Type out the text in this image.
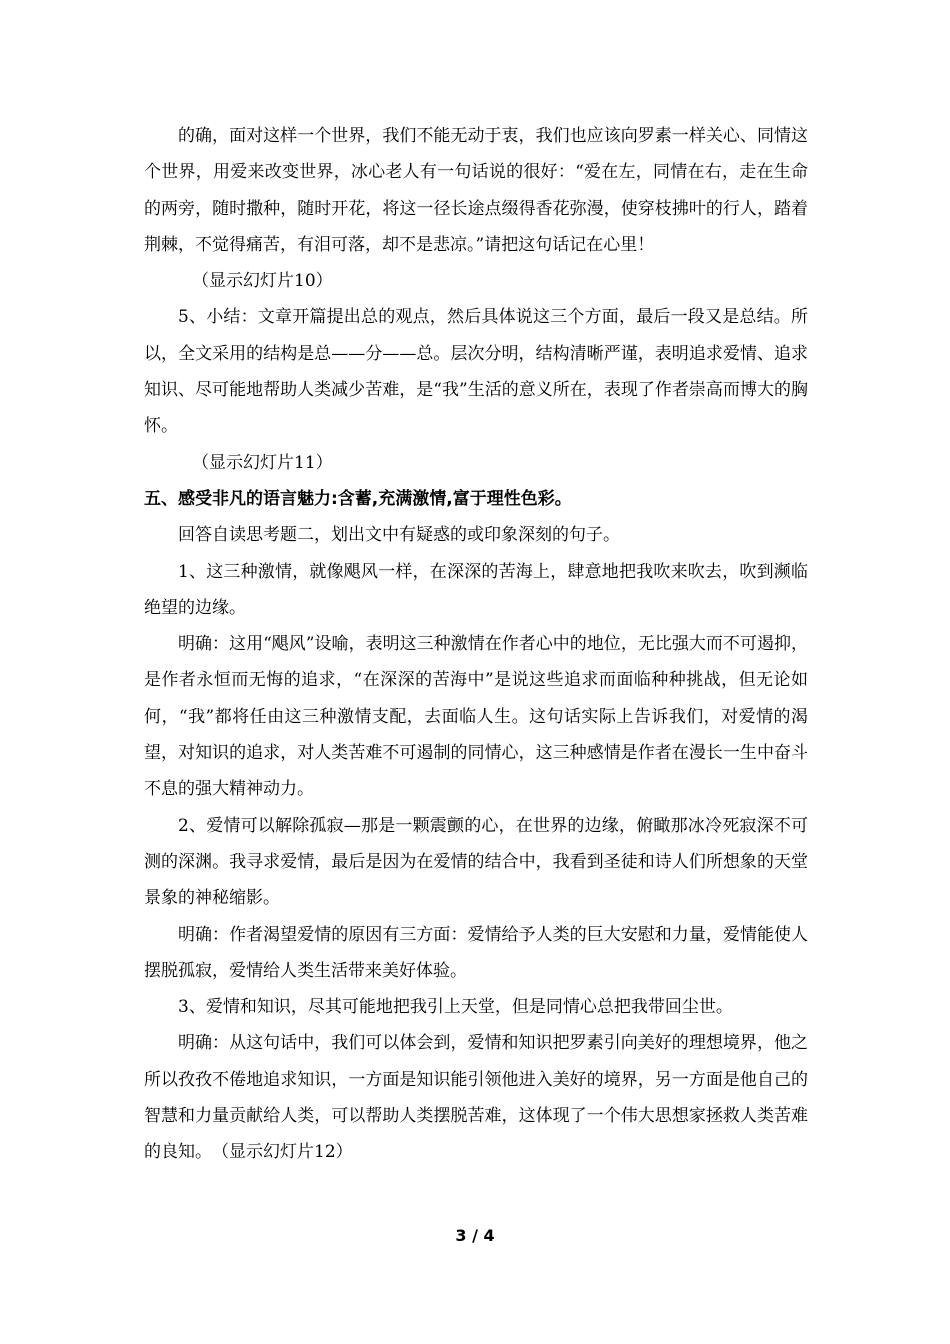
的确，面对这样一个世界，我们不能无动于衷，我们也应该向罗素一样关心、同情这个世界，用爱来改变世界，冰心老人有一句话说的很好：“爱在左，同情在右，走在生命的两旁，随时撒种，随时开花，将这一径长途点缀得香花弥漫，使穿枝拂叶的行人，踏着荆棘，不觉得痛苦，有泪可落，却不是悲凉。”请把这句话记在心里！

（显示幻灯片10）

5、小结：文章开篇提出总的观点，然后具体说这三个方面，最后一段又是总结。所以，全文采用的结构是总——分——总。层次分明，结构清晰严谨，表明追求爱情、追求知识、尽可能地帮助人类减少苦难，是“我”生活的意义所在，表现了作者崇高而博大的胸怀。

（显示幻灯片11）

五、感受非凡的语言魅力:含蓄,充满激情,富于理性色彩。

回答自读思考题二，划出文中有疑惑的或印象深刻的句子。

1、这三种激情，就像飓风一样，在深深的苦海上，肆意地把我吹来吹去，吹到濒临绝望的边缘。

明确：这用“飓风”设喻，表明这三种激情在作者心中的地位，无比强大而不可遏抑，是作者永恒而无悔的追求，“在深深的苦海中”是说这些追求而面临种种挑战，但无论如何，“我”都将任由这三种激情支配，去面临人生。这句话实际上告诉我们，对爱情的渴望，对知识的追求，对人类苦难不可遏制的同情心，这三种感情是作者在漫长一生中奋斗不息的强大精神动力。

2、爱情可以解除孤寂—那是一颗震颤的心，在世界的边缘，俯瞰那冰冷死寂深不可测的深渊。我寻求爱情，最后是因为在爱情的结合中，我看到圣徒和诗人们所想象的天堂景象的神秘缩影。

明确：作者渴望爱情的原因有三方面：爱情给予人类的巨大安慰和力量，爱情能使人摆脱孤寂，爱情给人类生活带来美好体验。

3、爱情和知识，尽其可能地把我引上天堂，但是同情心总把我带回尘世。

明确：从这句话中，我们可以体会到，爱情和知识把罗素引向美好的理想境界，他之所以孜孜不倦地追求知识，一方面是知识能引领他进入美好的境界，另一方面是他自己的智慧和力量贡献给人类，可以帮助人类摆脱苦难，这体现了一个伟大思想家拯救人类苦难的良知。　（显示幻灯片12）

3 / 4
